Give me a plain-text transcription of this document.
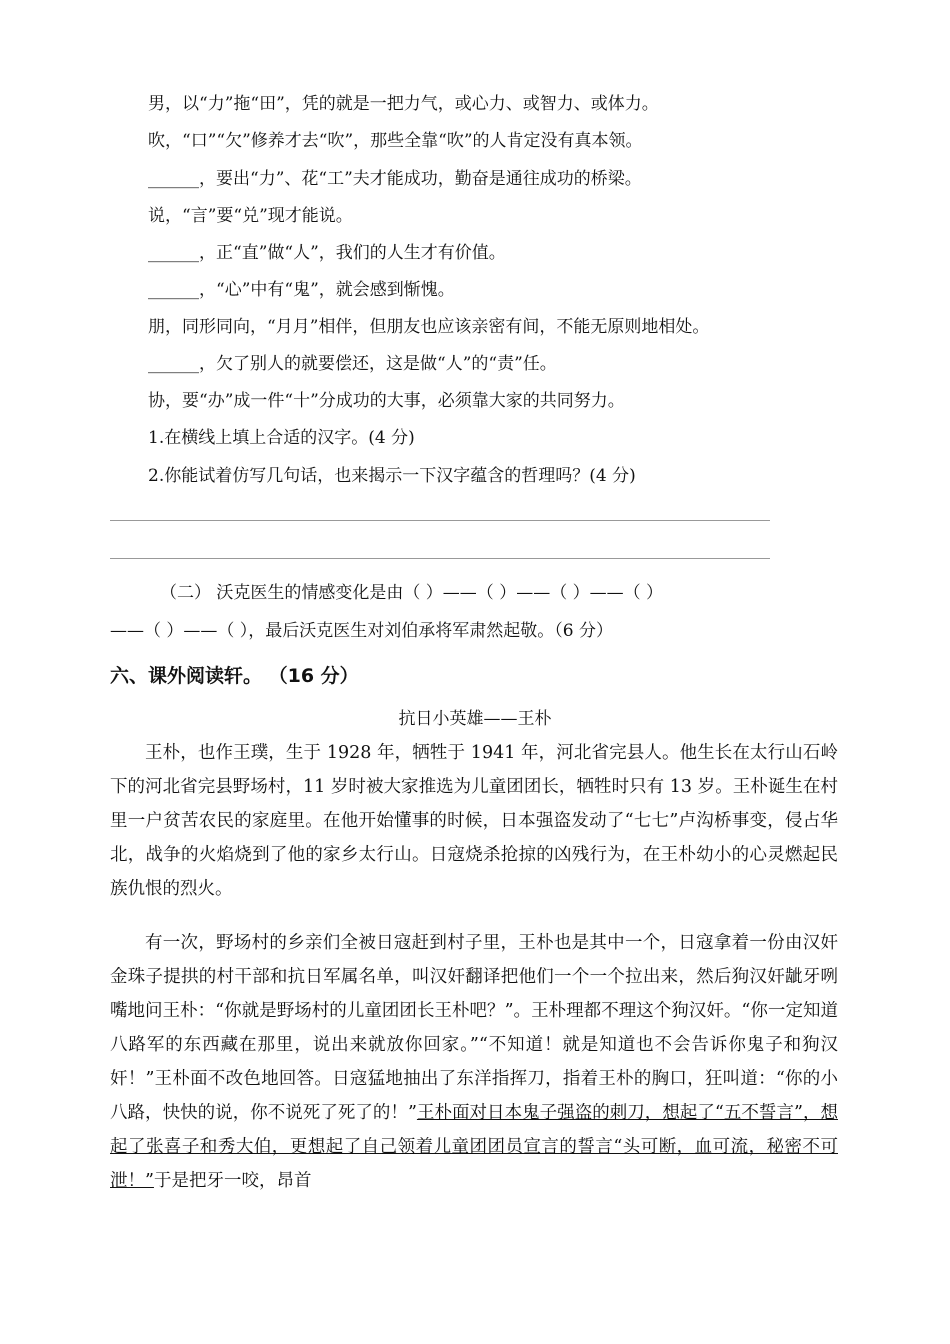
男，以“力”拖“田”，凭的就是一把力气，或心力、或智力、或体力。
吹，“口”“欠”修养才去“吹”，那些全靠“吹”的人肯定没有真本领。
______，要出“力”、花“工”夫才能成功，勤奋是通往成功的桥梁。
说，“言”要“兑”现才能说。
______，正“直”做“人”，我们的人生才有价值。
______，“心”中有“鬼”，就会感到惭愧。
朋，同形同向，“月月”相伴，但朋友也应该亲密有间，不能无原则地相处。
______，欠了别人的就要偿还，这是做“人”的“责”任。
协，要“办”成一件“十”分成功的大事，必须靠大家的共同努力。
1.在横线上填上合适的汉字。(4 分)
2.你能试着仿写几句话，也来揭示一下汉字蕴含的哲理吗？(4 分)
（二） 沃克医生的情感变化是由（ ）——（ ）——（ ）——（ ）
——（ ）——（ ），最后沃克医生对刘伯承将军肃然起敬。（6 分）
六、课外阅读轩。 （16 分）
抗日小英雄——王朴
王朴，也作王璞，生于 1928 年，牺牲于 1941 年，河北省完县人。他生长在太行山石岭下的河北省完县野场村，11 岁时被大家推选为儿童团团长，牺牲时只有 13 岁。王朴诞生在村里一户贫苦农民的家庭里。在他开始懂事的时候，日本强盗发动了“七七”卢沟桥事变，侵占华北，战争的火焰烧到了他的家乡太行山。日寇烧杀抢掠的凶残行为，在王朴幼小的心灵燃起民族仇恨的烈火。
有一次，野场村的乡亲们全被日寇赶到村子里，王朴也是其中一个，日寇拿着一份由汉奸金珠子提拱的村干部和抗日军属名单，叫汉奸翻译把他们一个一个拉出来，然后狗汉奸龇牙咧嘴地问王朴：“你就是野场村的儿童团团长王朴吧？”。王朴理都不理这个狗汉奸。“你一定知道八路军的东西藏在那里，说出来就放你回家。”“不知道！就是知道也不会告诉你鬼子和狗汉奸！”王朴面不改色地回答。日寇猛地抽出了东洋指挥刀，指着王朴的胸口，狂叫道：“你的小八路，快快的说，你不说死了死了的！”王朴面对日本鬼子强盗的刺刀，想起了“五不誓言”，想起了张喜子和秀大伯，更想起了自己领着儿童团团员宣言的誓言“头可断，血可流，秘密不可泄！”于是把牙一咬，昂首
